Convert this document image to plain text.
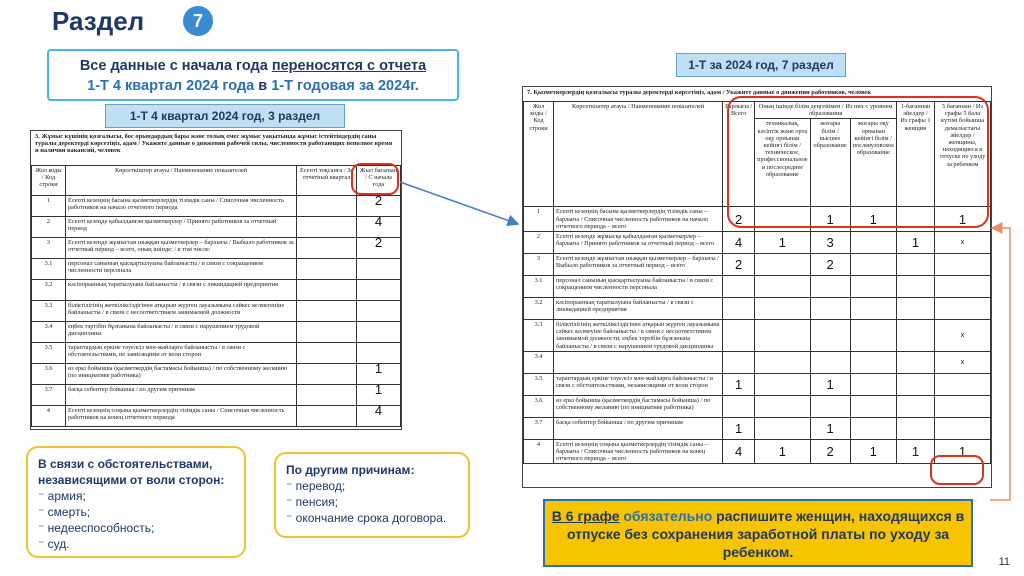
Раздел	7
Все данные с начала года переносятся с отчета
1-Т 4 квартал 2024 года в 1-Т годовая за 2024г.
1-Т 4 квартал 2024 год, 3 раздел
1-Т за 2024 год, 7 раздел
3. Жұмыс күшінің қозғалысы, бос орындардың бары және толық емес жұмыс уақытында жұмыс істейтіндердің саны туралы деректерді көрсетіңіз, адам / Укажите данные о движении рабочей силы, численности работающих неполное время и наличии вакансий, человек
Жол коды / Код строки	Көрсеткіштер атауы / Наименование показателей	Есепті тоқсанға / За отчетный квартал	Жыл басынан / С начала года
1	Есепті кезеңнің басына қызметкерлердің тізімдік саны / Списочная численность работников на начало отчетного периода		2
2	Есепті кезеңде қабылданған қызметкерлер / Принято работников за отчетный период		4
3	Есепті кезеңде жұмыстан шыққан қызметкерлер – барлығы / Выбыло работников за отчетный период – всего, оның ішінде: / в том числе:		2
3.1	персонал санының қысқартылуына байланысты / в связи с сокращением численности персонала		
3.2	кәсіпорынның таратылуына байланысты / в связи с ликвидацией предприятия		
3.3	біліктілігінің жеткіліксіздігінен атқарып жүрген лауазымына сәйкес келмегеніне байланысты / в связи с несоответствием занимаемой должности		
3.4	еңбек тәртібін бұзғанына байланысты / в связи с нарушением трудовой дисциплины		
3.5	тараптардың еркіне тәуелсіз мән-жайларға байланысты / в связи с обстоятельствами, не зависящими от воли сторон		
3.6	өз еркі бойынша (қызметкердің бастамасы бойынша) / по собственному желанию (по инициативе работника)		1
3.7	басқа себептер бойынша / по другим причинам		1
4	Есепті кезеңнің соңына қызметкерлердің тізімдік саны / Списочная численность работников на конец отчетного периода		4
7. Қызметкерлердің қозғалысы туралы деректерді көрсетіңіз, адам / Укажите данные о движении работников, человек
Жол коды / Код строки	Көрсеткіштер атауы / Наименование показателей	Барлығы / Всего	Оның ішінде білім деңгейімен / Из них с уровнем образования			1-бағаннан әйелдер / Из графы 1 женщин	5 бағаннан / Из графы 5 бала күтімі бойынша демалыстағы әйелдер / женщины, находящиеся в отпуске по уходу за ребенком
			техникалық, кәсіптік және орта оқу орнынан кейінгі білім / техническое, профессиональное и послесреднее образование	жоғары білім / высшее образование	жоғары оқу орнынан кейінгі білім / послевузовское образование		
1	Есепті кезеңнің басына қызметкерлердің тізімдік саны – барлығы / Списочная численность работников на начало отчетного периода – всего	2		1	1		1
2	Есепті кезеңде жұмысқа қабылданған қызметкерлер – барлығы / Принято работников за отчетный период – всего	4	1	3		1	x
3	Есепті кезеңде жұмыстан шыққан қызметкерлер – барлығы / Выбыло работников за отчетный период – всего	2		2			
3.1	персонал санының қысқартылуына байланысты / в связи с сокращением численности персонала						
3.2	кәсіпорынның таратылуына байланысты / в связи с ликвидацией предприятия						
3.3	біліктілігінің жеткіліксіздігінен атқарып жүрген лауазымына сәйкес келмеуіне байланысты / в связи с несоответствием занимаемой должности; еңбек тәртібін бұзғанына байланысты / в связи с нарушением трудовой дисциплины						x
3.4							x
3.5	тараптардың еркіне тәуелсіз мән-жайларға байланысты / в связи с обстоятельствами, независящими от воли сторон	1		1			
3.6	өз еркі бойынша (қызметкердің бастамасы бойынша) / по собственному желанию (по инициативе работника)						
3.7	басқа себептер бойынша / по другим причинам	1		1			
4	Есепті кезеңнің соңына қызметкерлердің тізімдік саны – барлығы / Списочная численность работников на конец отчетного периода – всего	4	1	2	1	1	1
В связи с обстоятельствами, независящими от воли сторон:
⁻ армия;
⁻ смерть;
⁻ недееспособность;
⁻ суд.
По другим причинам:
⁻ перевод;
⁻ пенсия;
⁻ окончание срока договора.	В 6 графе обязательно распишите женщин, находящихся в отпуске без сохранения заработной платы по уходу за ребенком.
11
